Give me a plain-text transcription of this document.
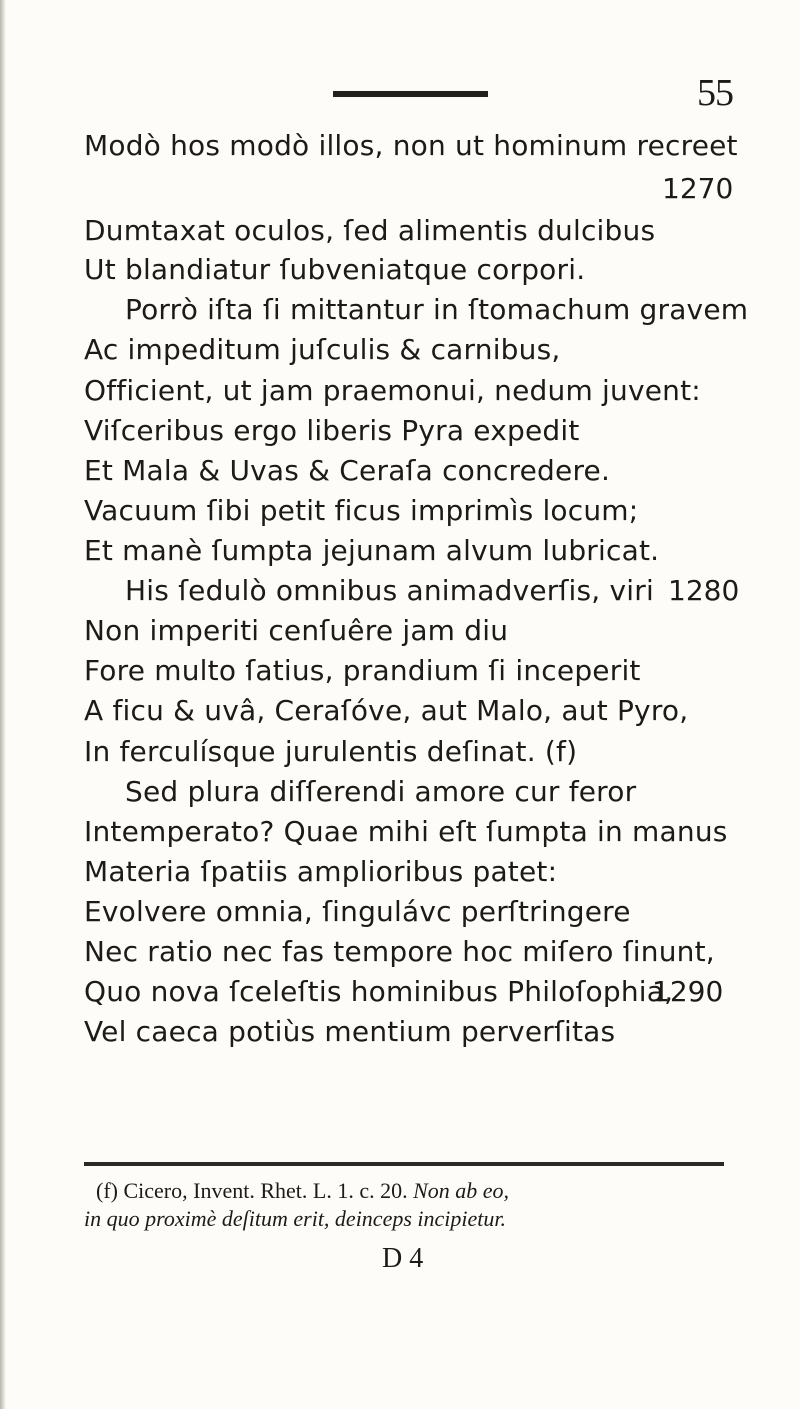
55
Modò hos modò illos, non ut hominum recreet
1270
Dumtaxat oculos, ſed alimentis dulcibus
Ut blandiatur ſubveniatque corpori.
Porrò iſta ſi mittantur in ſtomachum gravem
Ac impeditum juſculis & carnibus,
Officient, ut jam praemonui, nedum juvent:
Viſceribus ergo liberis Pyra expedit
Et Mala & Uvas & Ceraſa concredere.
Vacuum ſibi petit ficus imprimìs locum;
Et manè ſumpta jejunam alvum lubricat.
His ſedulò omnibus animadverſis, viri 1280
Non imperiti cenſuêre jam diu
Fore multo ſatius, prandium ſi inceperit
A ficu & uvâ, Ceraſóve, aut Malo, aut Pyro,
In ferculísque jurulentis deſinat. (f)
Sed plura diſſerendi amore cur feror
Intemperato? Quae mihi eſt ſumpta in manus
Materia ſpatiis amplioribus patet:
Evolvere omnia, ſingulávc perſtringere
Nec ratio nec fas tempore hoc miſero ſinunt,
Quo nova ſceleſtis hominibus Philoſophia,
1290
Vel caeca potiùs mentium perverſitas
(f) Cicero, Invent. Rhet. L. 1. c. 20. Non ab eo,
in quo proximè deſitum erit, deinceps incipietur.
D 4
